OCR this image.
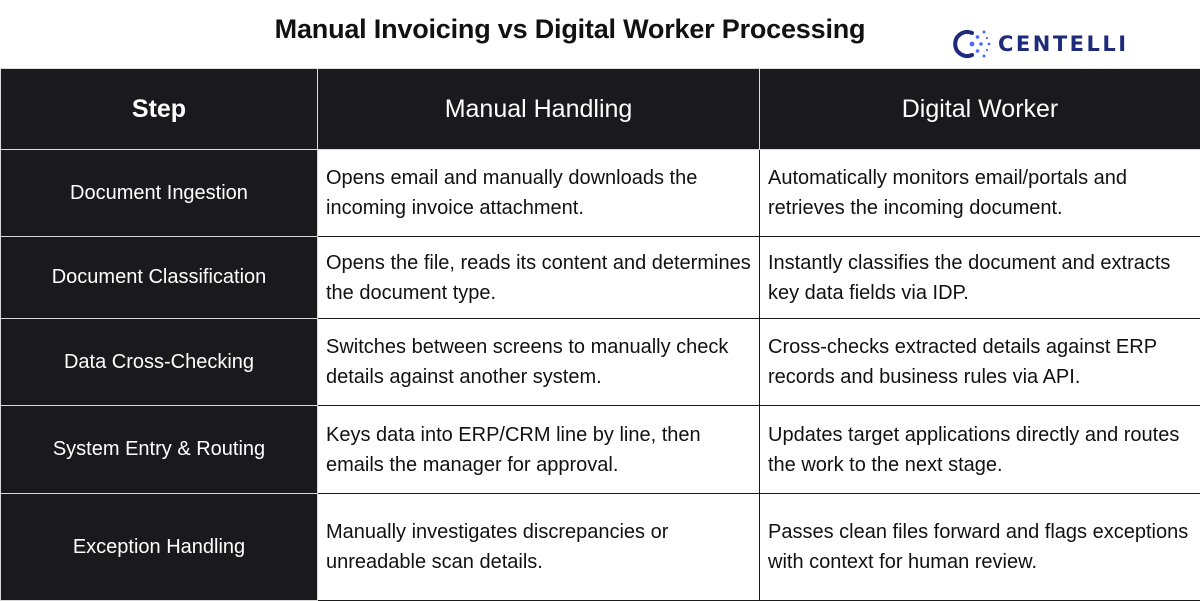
Manual Invoicing vs Digital Worker Processing	CENTELLI
Step	Manual Handling	Digital Worker
Document Ingestion	Opens email and manually downloads the incoming invoice attachment.	Automatically monitors email/portals and retrieves the incoming document.
Document Classification	Opens the file, reads its content and determines the document type.	Instantly classifies the document and extracts key data fields via IDP.
Data Cross-Checking	Switches between screens to manually check details against another system.	Cross-checks extracted details against ERP records and business rules via API.
System Entry & Routing	Keys data into ERP/CRM line by line, then emails the manager for approval.	Updates target applications directly and routes the work to the next stage.
Exception Handling	Manually investigates discrepancies or unreadable scan details.	Passes clean files forward and flags exceptions with context for human review.
